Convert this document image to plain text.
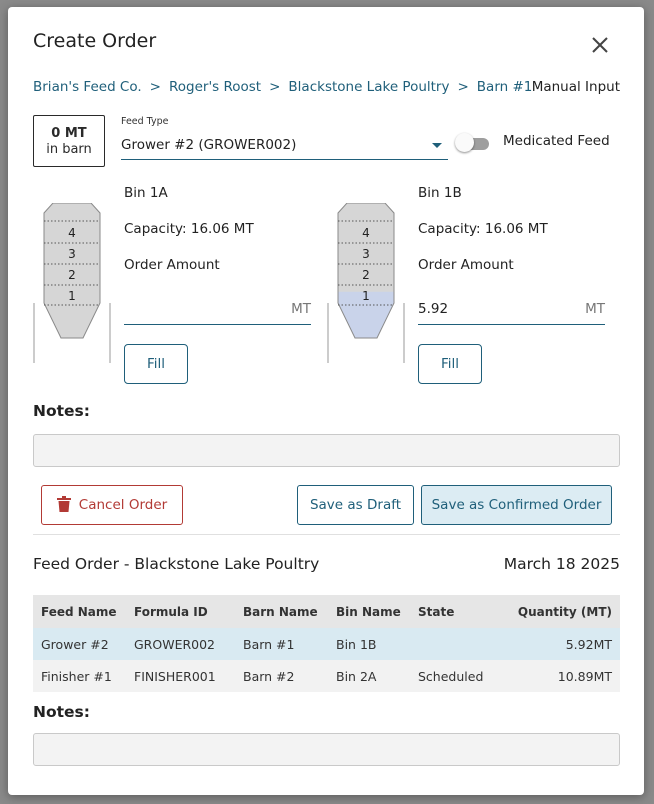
Create Order
Brian's Feed Co. > Roger's Roost > Blackstone Lake Poultry > Barn #1 Manual Input
0 MT
in barn
Feed Type
Grower #2 (GROWER002)	Medicated Feed
4
3
2
1
Bin 1A
Capacity: 16.06 MT
Order Amount
MT
Fill
4
3
2
1
Bin 1B
Capacity: 16.06 MT
Order Amount
5.92	MT
Fill
Notes:
Cancel Order	Save as Draft	Save as Confirmed Order
Feed Order - Blackstone Lake Poultry	March 18 2025
Feed Name	Formula ID	Barn Name	Bin Name	State	Quantity (MT)
Grower #2	GROWER002	Barn #1	Bin 1B		5.92MT
Finisher #1	FINISHER001	Barn #2	Bin 2A	Scheduled	10.89MT
Notes:
